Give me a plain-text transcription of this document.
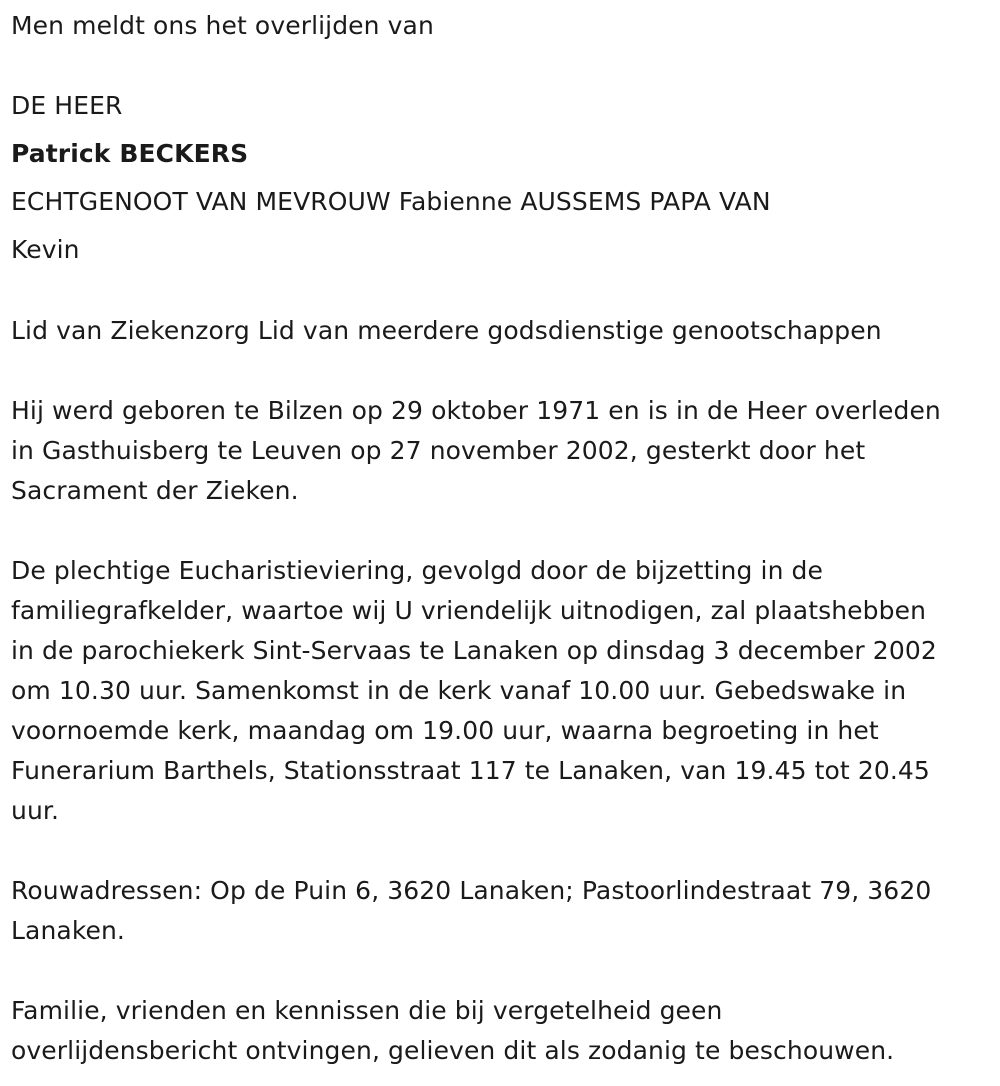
Men meldt ons het overlijden van
DE HEER
Patrick BECKERS
ECHTGENOOT VAN MEVROUW Fabienne AUSSEMS PAPA VAN
Kevin
Lid van Ziekenzorg Lid van meerdere godsdienstige genootschappen
Hij werd geboren te Bilzen op 29 oktober 1971 en is in de Heer overleden
in Gasthuisberg te Leuven op 27 november 2002, gesterkt door het
Sacrament der Zieken.
De plechtige Eucharistieviering, gevolgd door de bijzetting in de
familiegrafkelder, waartoe wij U vriendelijk uitnodigen, zal plaatshebben
in de parochiekerk Sint-Servaas te Lanaken op dinsdag 3 december 2002
om 10.30 uur. Samenkomst in de kerk vanaf 10.00 uur. Gebedswake in
voornoemde kerk, maandag om 19.00 uur, waarna begroeting in het
Funerarium Barthels, Stationsstraat 117 te Lanaken, van 19.45 tot 20.45
uur.
Rouwadressen: Op de Puin 6, 3620 Lanaken; Pastoorlindestraat 79, 3620
Lanaken.
Familie, vrienden en kennissen die bij vergetelheid geen
overlijdensbericht ontvingen, gelieven dit als zodanig te beschouwen.
